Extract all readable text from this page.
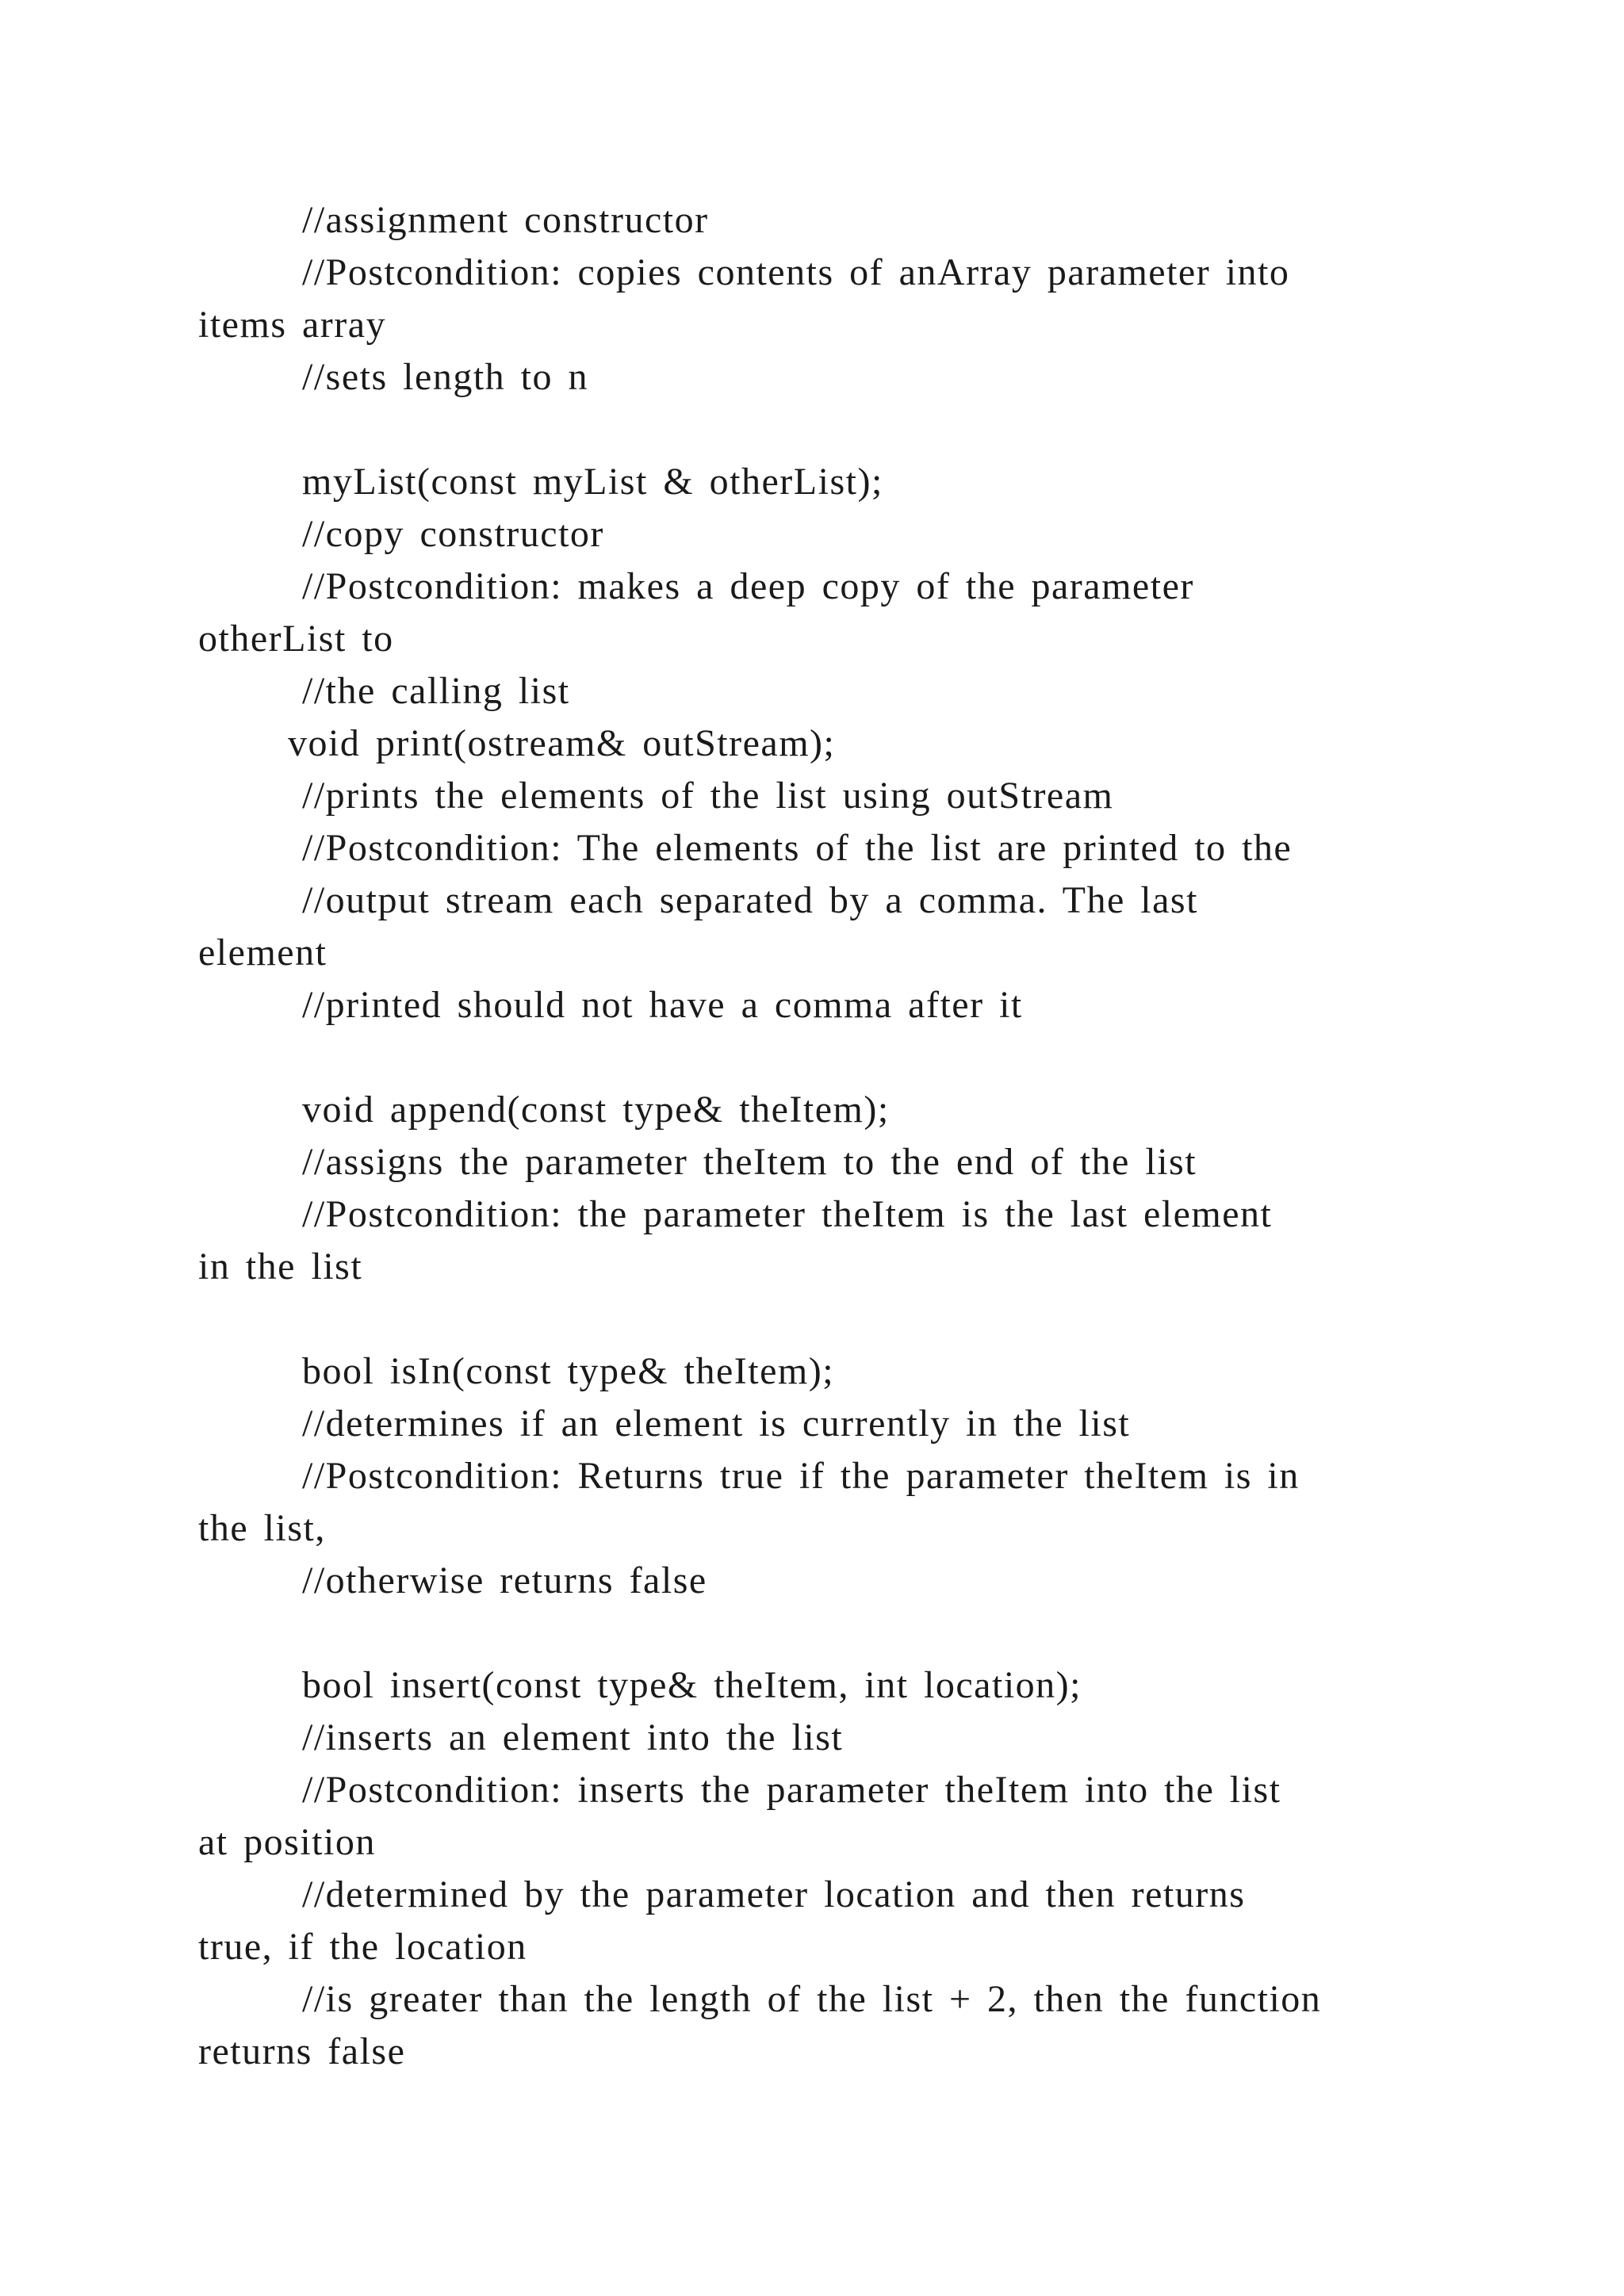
//assignment constructor

//Postcondition: copies contents of anArray parameter into

items array

//sets length to n

myList(const myList & otherList);

//copy constructor

//Postcondition: makes a deep copy of the parameter

otherList to

//the calling list

void print(ostream& outStream);

//prints the elements of the list using outStream

//Postcondition: The elements of the list are printed to the

//output stream each separated by a comma. The last

element

//printed should not have a comma after it

void append(const type& theItem);

//assigns the parameter theItem to the end of the list

//Postcondition: the parameter theItem is the last element

in the list

bool isIn(const type& theItem);

//determines if an element is currently in the list

//Postcondition: Returns true if the parameter theItem is in

the list,

//otherwise returns false

bool insert(const type& theItem, int location);

//inserts an element into the list

//Postcondition: inserts the parameter theItem into the list

at position

//determined by the parameter location and then returns

true, if the location

//is greater than the length of the list + 2, then the function

returns false
